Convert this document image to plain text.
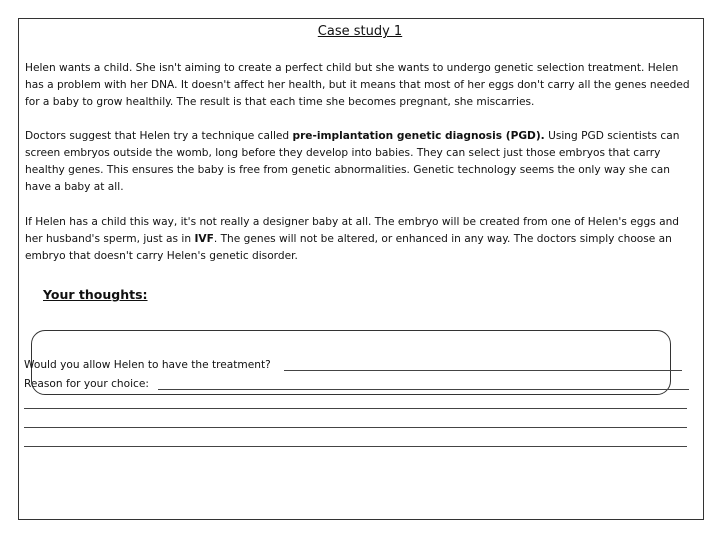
Case study 1

Helen wants a child. She isn't aiming to create a perfect child but she wants to undergo genetic selection treatment. Helen has a problem with her DNA. It doesn't affect her health, but it means that most of her eggs don't carry all the genes needed for a baby to grow healthily. The result is that each time she becomes pregnant, she miscarries.

Doctors suggest that Helen try a technique called pre-implantation genetic diagnosis (PGD). Using PGD scientists can screen embryos outside the womb, long before they develop into babies. They can select just those embryos that carry healthy genes. This ensures the baby is free from genetic abnormalities. Genetic technology seems the only way she can have a baby at all.

If Helen has a child this way, it's not really a designer baby at all. The embryo will be created from one of Helen's eggs and her husband's sperm, just as in IVF. The genes will not be altered, or enhanced in any way. The doctors simply choose an embryo that doesn't carry Helen's genetic disorder.

Your thoughts:
Would you allow Helen to have the treatment?
Reason for your choice:
